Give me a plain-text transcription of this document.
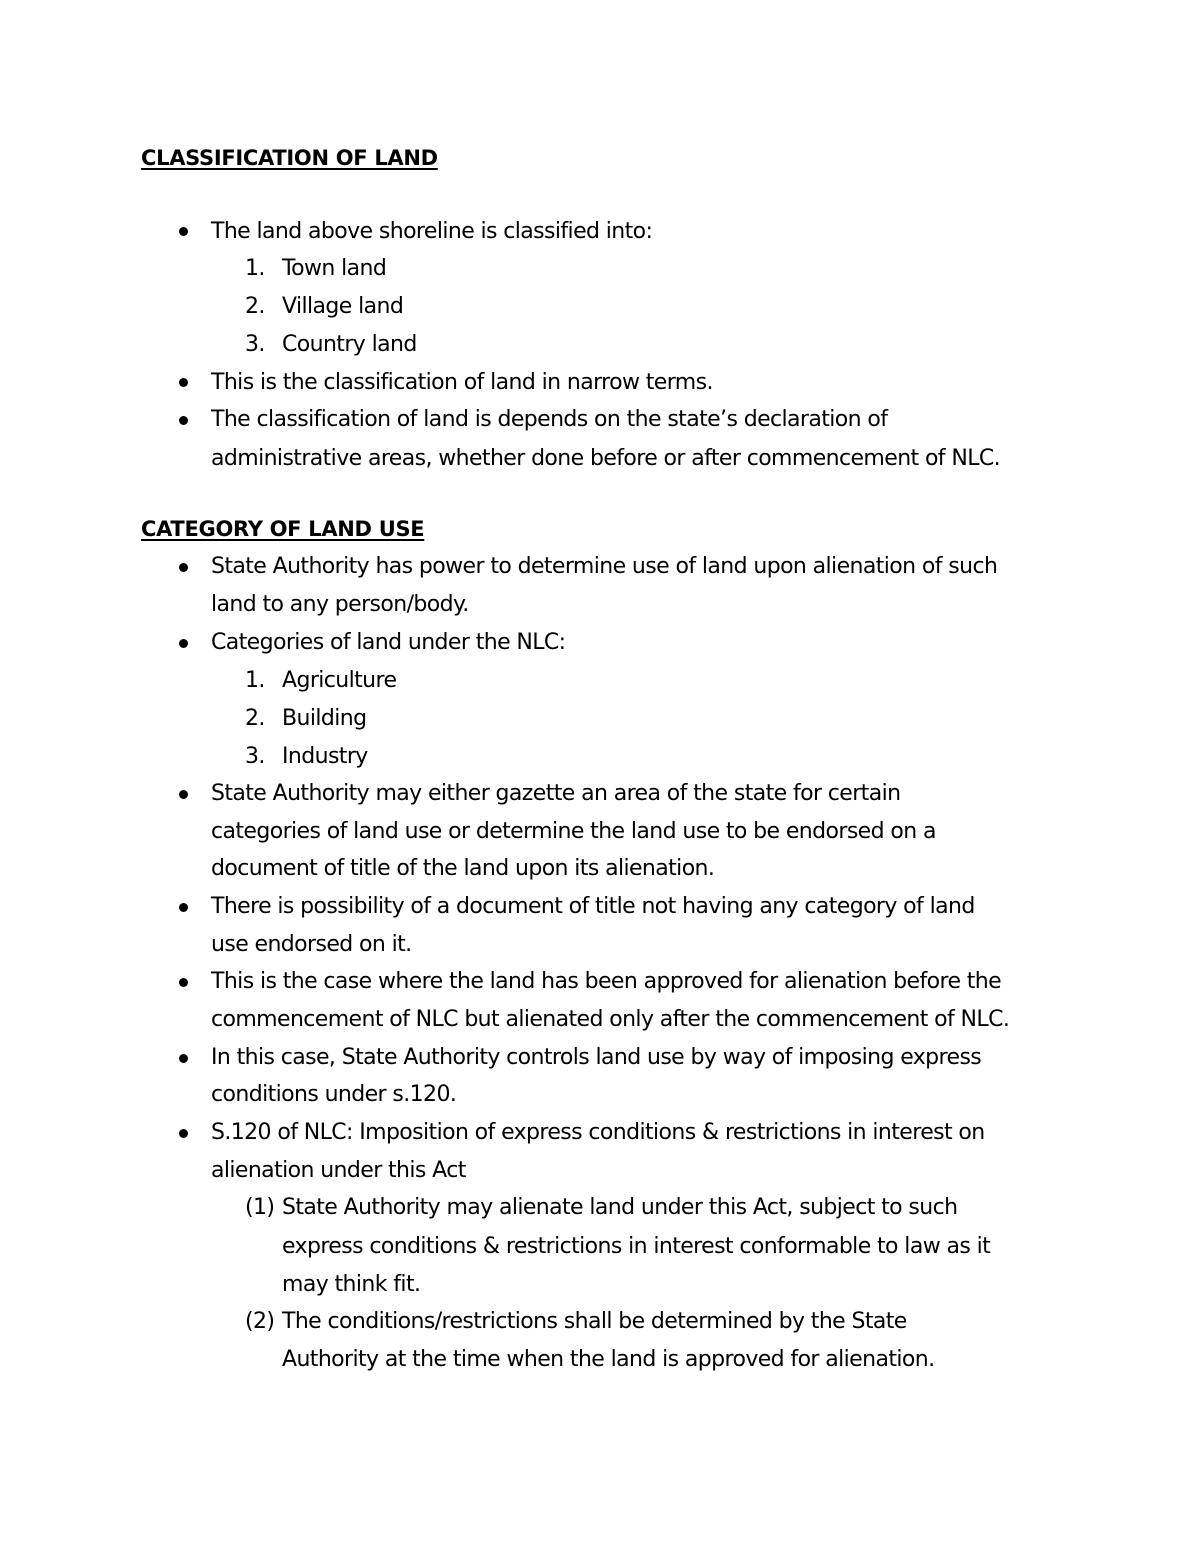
CLASSIFICATION OF LAND
The land above shoreline is classified into:
1. Town land
2. Village land
3. Country land
This is the classification of land in narrow terms.
The classification of land is depends on the state’s declaration of
administrative areas, whether done before or after commencement of NLC.
CATEGORY OF LAND USE
State Authority has power to determine use of land upon alienation of such
land to any person/body.
Categories of land under the NLC:
1. Agriculture
2. Building
3. Industry
State Authority may either gazette an area of the state for certain
categories of land use or determine the land use to be endorsed on a
document of title of the land upon its alienation.
There is possibility of a document of title not having any category of land
use endorsed on it.
This is the case where the land has been approved for alienation before the
commencement of NLC but alienated only after the commencement of NLC.
In this case, State Authority controls land use by way of imposing express
conditions under s.120.
S.120 of NLC: Imposition of express conditions & restrictions in interest on
alienation under this Act
(1) State Authority may alienate land under this Act, subject to such
express conditions & restrictions in interest conformable to law as it
may think fit.
(2) The conditions/restrictions shall be determined by the State
Authority at the time when the land is approved for alienation.
